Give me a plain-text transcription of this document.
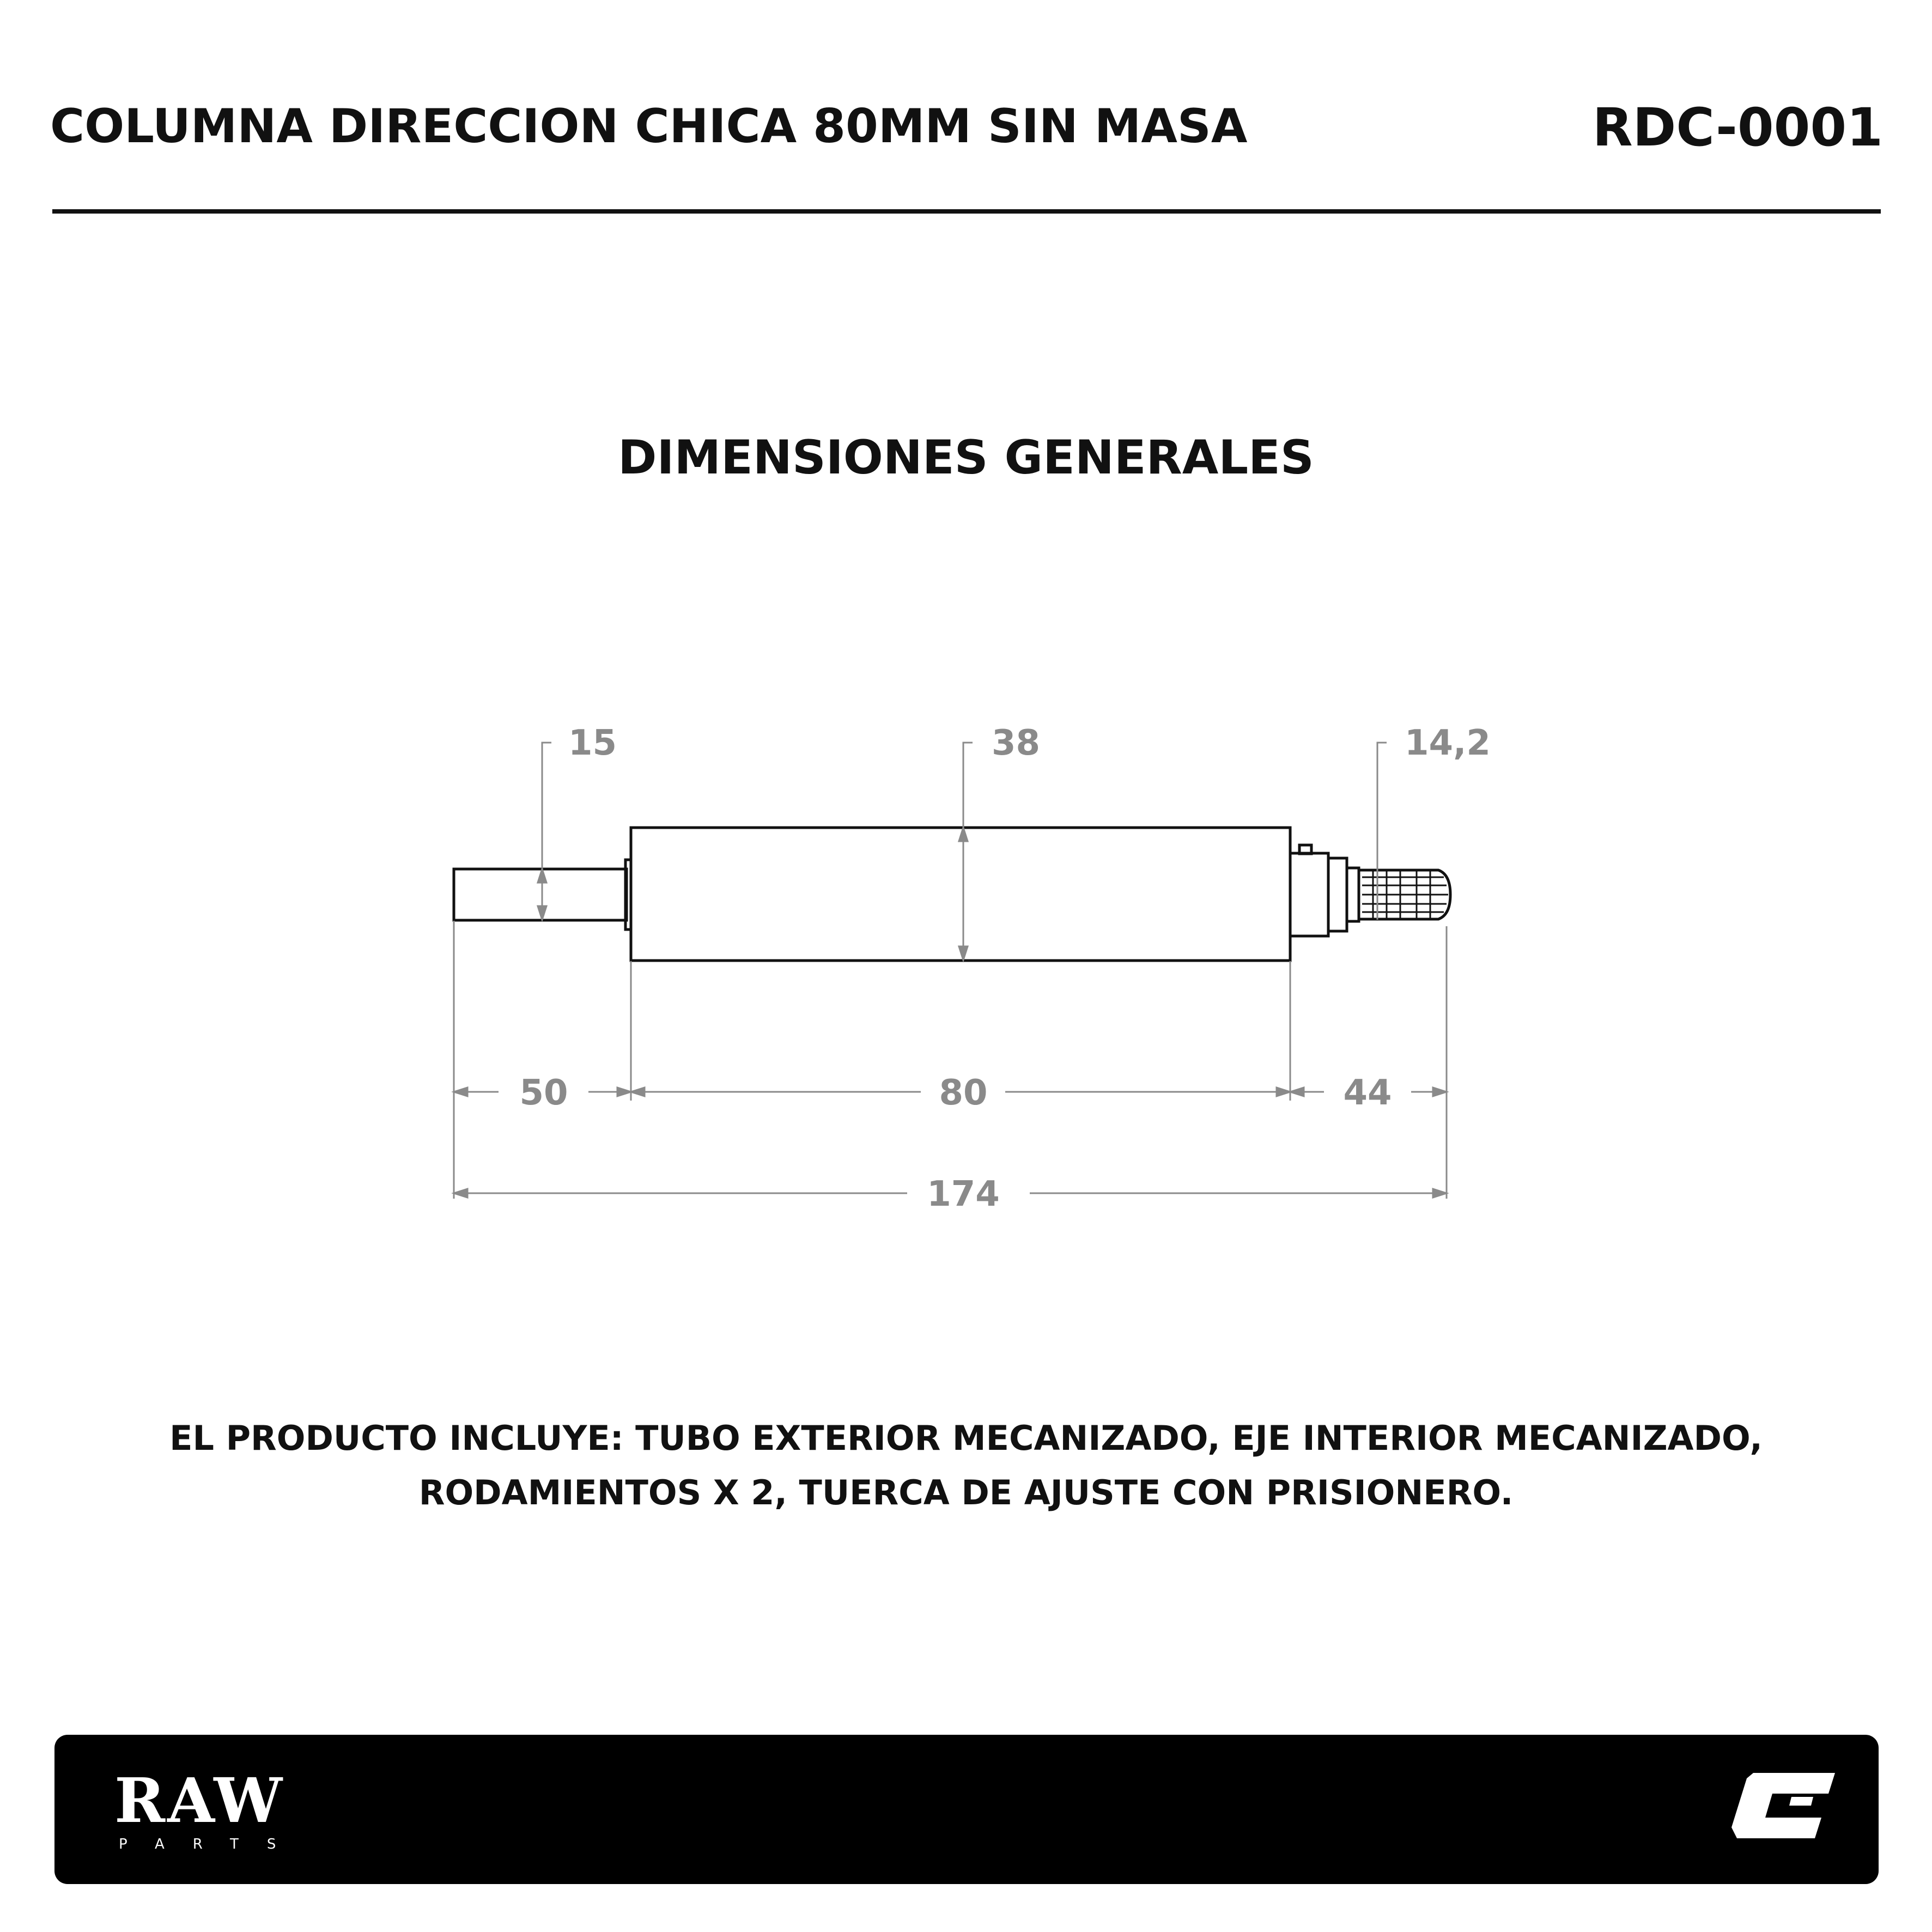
COLUMNA DIRECCION CHICA 80MM SIN MASA	RDC-0001
DIMENSIONES GENERALES
15	38	14,2
50	80	44
174
EL PRODUCTO INCLUYE: TUBO EXTERIOR MECANIZADO, EJE INTERIOR MECANIZADO,
RODAMIENTOS X 2, TUERCA DE AJUSTE CON PRISIONERO.
RAW
PARTS
